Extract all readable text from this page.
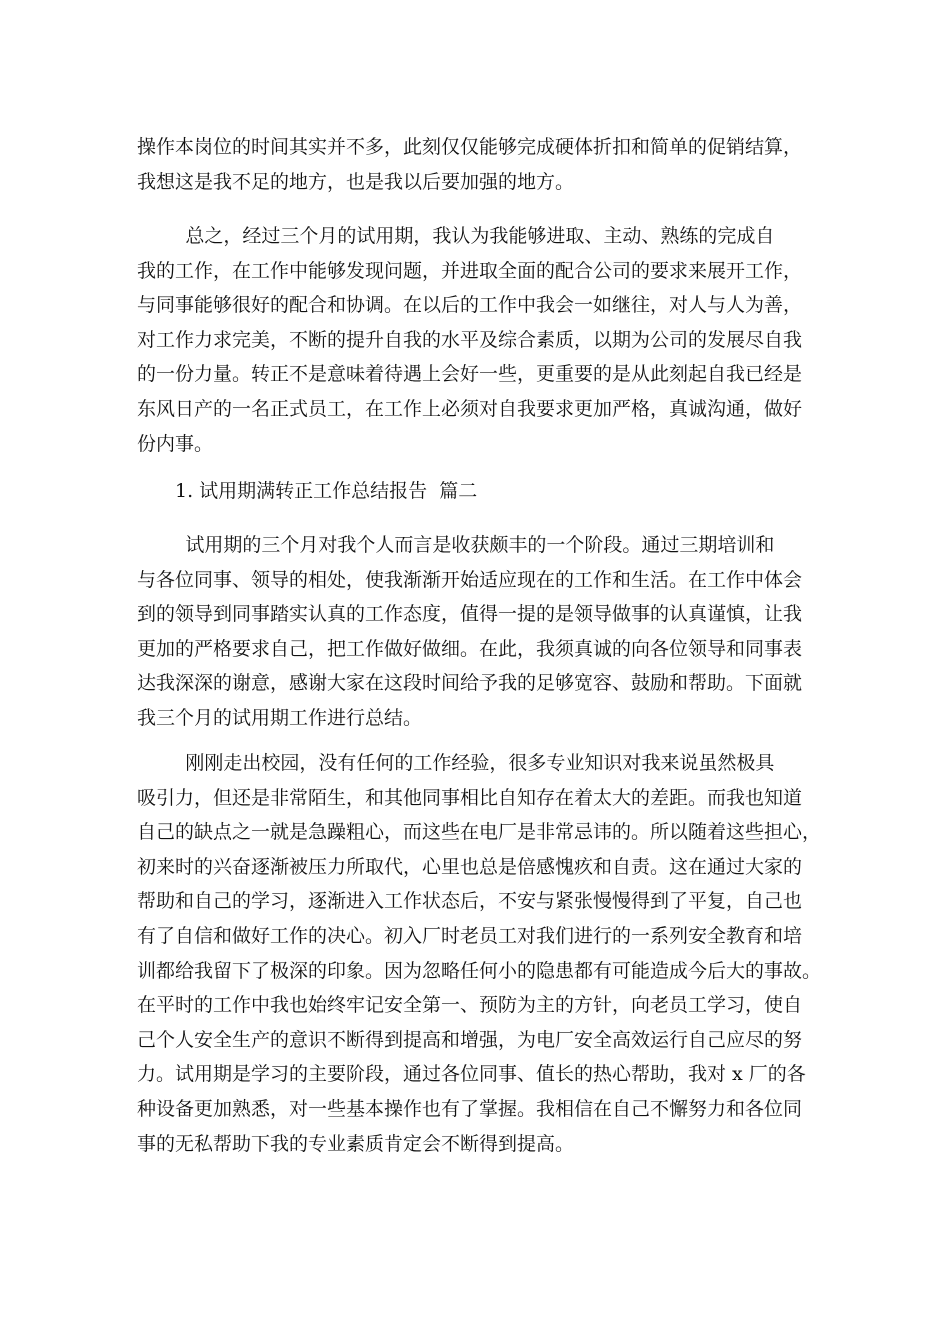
操作本岗位的时间其实并不多，此刻仅仅能够完成硬体折扣和简单的促销结算，
我想这是我不足的地方，也是我以后要加强的地方。

总之，经过三个月的试用期，我认为我能够进取、主动、熟练的完成自
我的工作，在工作中能够发现问题，并进取全面的配合公司的要求来展开工作，
与同事能够很好的配合和协调。在以后的工作中我会一如继往，对人与人为善，
对工作力求完美，不断的提升自我的水平及综合素质，以期为公司的发展尽自我
的一份力量。转正不是意味着待遇上会好一些，更重要的是从此刻起自我已经是
东风日产的一名正式员工，在工作上必须对自我要求更加严格，真诚沟通，做好
份内事。

1. 试用期满转正工作总结报告  篇二

试用期的三个月对我个人而言是收获颇丰的一个阶段。通过三期培训和
与各位同事、领导的相处，使我渐渐开始适应现在的工作和生活。在工作中体会
到的领导到同事踏实认真的工作态度，值得一提的是领导做事的认真谨慎，让我
更加的严格要求自己，把工作做好做细。在此，我须真诚的向各位领导和同事表
达我深深的谢意，感谢大家在这段时间给予我的足够宽容、鼓励和帮助。下面就
我三个月的试用期工作进行总结。

刚刚走出校园，没有任何的工作经验，很多专业知识对我来说虽然极具
吸引力，但还是非常陌生，和其他同事相比自知存在着太大的差距。而我也知道
自己的缺点之一就是急躁粗心，而这些在电厂是非常忌讳的。所以随着这些担心，
初来时的兴奋逐渐被压力所取代，心里也总是倍感愧疚和自责。这在通过大家的
帮助和自己的学习，逐渐进入工作状态后，不安与紧张慢慢得到了平复，自己也
有了自信和做好工作的决心。初入厂时老员工对我们进行的一系列安全教育和培
训都给我留下了极深的印象。因为忽略任何小的隐患都有可能造成今后大的事故。
在平时的工作中我也始终牢记安全第一、预防为主的方针，向老员工学习，使自
己个人安全生产的意识不断得到提高和增强，为电厂安全高效运行自己应尽的努
力。试用期是学习的主要阶段，通过各位同事、值长的热心帮助，我对 x 厂的各
种设备更加熟悉，对一些基本操作也有了掌握。我相信在自己不懈努力和各位同
事的无私帮助下我的专业素质肯定会不断得到提高。
